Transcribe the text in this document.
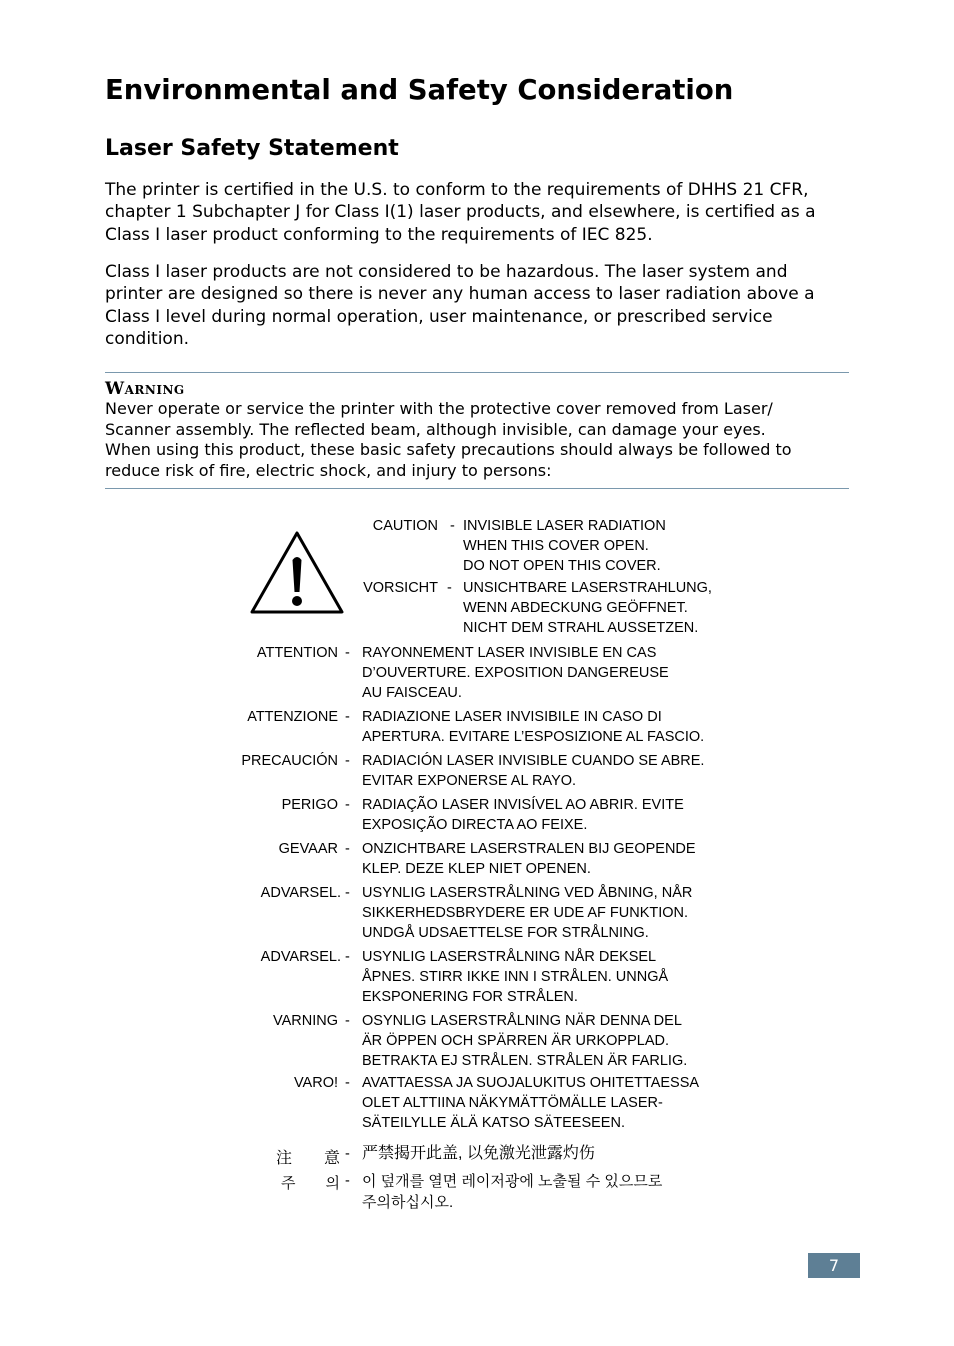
Environmental and Safety Consideration
Laser Safety Statement
The printer is certified in the U.S. to conform to the requirements of DHHS 21 CFR,
chapter 1 Subchapter J for Class I(1) laser products, and elsewhere, is certified as a
Class I laser product conforming to the requirements of IEC 825.
Class I laser products are not considered to be hazardous. The laser system and
printer are designed so there is never any human access to laser radiation above a
Class I level during normal operation, user maintenance, or prescribed service
condition.
Warning
Never operate or service the printer with the protective cover removed from Laser/
Scanner assembly. The reflected beam, although invisible, can damage your eyes.
When using this product, these basic safety precautions should always be followed to
reduce risk of fire, electric shock, and injury to persons:
CAUTION - INVISIBLE LASER RADIATION
WHEN THIS COVER OPEN.
DO NOT OPEN THIS COVER.
VORSICHT - UNSICHTBARE LASERSTRAHLUNG,
WENN ABDECKUNG GEÖFFNET.
NICHT DEM STRAHL AUSSETZEN.
ATTENTION - RAYONNEMENT LASER INVISIBLE EN CAS
D’OUVERTURE. EXPOSITION DANGEREUSE
AU FAISCEAU.
ATTENZIONE - RADIAZIONE LASER INVISIBILE IN CASO DI
APERTURA. EVITARE L’ESPOSIZIONE AL FASCIO.
PRECAUCIÓN - RADIACIÓN LASER INVISIBLE CUANDO SE ABRE.
EVITAR EXPONERSE AL RAYO.
PERIGO - RADIAÇÃO LASER INVISÍVEL AO ABRIR. EVITE
EXPOSIÇÃO DIRECTA AO FEIXE.
GEVAAR - ONZICHTBARE LASERSTRALEN BIJ GEOPENDE
KLEP. DEZE KLEP NIET OPENEN.
ADVARSEL. - USYNLIG LASERSTRÅLNING VED ÅBNING, NÅR
SIKKERHEDSBRYDERE ER UDE AF FUNKTION.
UNDGÅ UDSAETTELSE FOR STRÅLNING.
ADVARSEL. - USYNLIG LASERSTRÅLNING NÅR DEKSEL
ÅPNES. STIRR IKKE INN I STRÅLEN. UNNGÅ
EKSPONERING FOR STRÅLEN.
VARNING - OSYNLIG LASERSTRÅLNING NÄR DENNA DEL
ÄR ÖPPEN OCH SPÄRREN ÄR URKOPPLAD.
BETRAKTA EJ STRÅLEN. STRÅLEN ÄR FARLIG.
VARO! - AVATTAESSA JA SUOJALUKITUS OHITETTAESSA
OLET ALTTIINA NÄKYMÄTTÖMÄLLE LASER-
SÄTEILYLLE ÄLÄ KATSO SÄTEESEEN.
注　　意 - 严禁揭开此盖, 以免激光泄露灼伤
주　　의 - 이 덮개를 열면 레이저광에 노출될 수 있으므로
주의하십시오.
7
